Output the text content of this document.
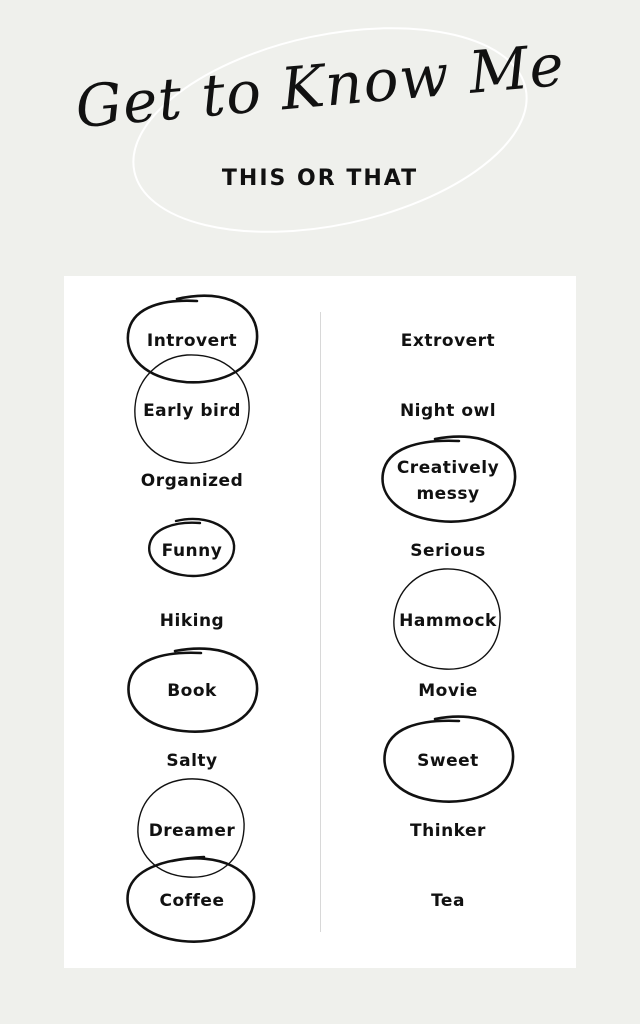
Get to Know Me
THIS OR THAT
Introvert
Early bird
Organized
Funny
Hiking
Book
Salty
Dreamer
Coffee
Extrovert
Night owl
Creatively messy
Serious
Hammock
Movie
Sweet
Thinker
Tea
